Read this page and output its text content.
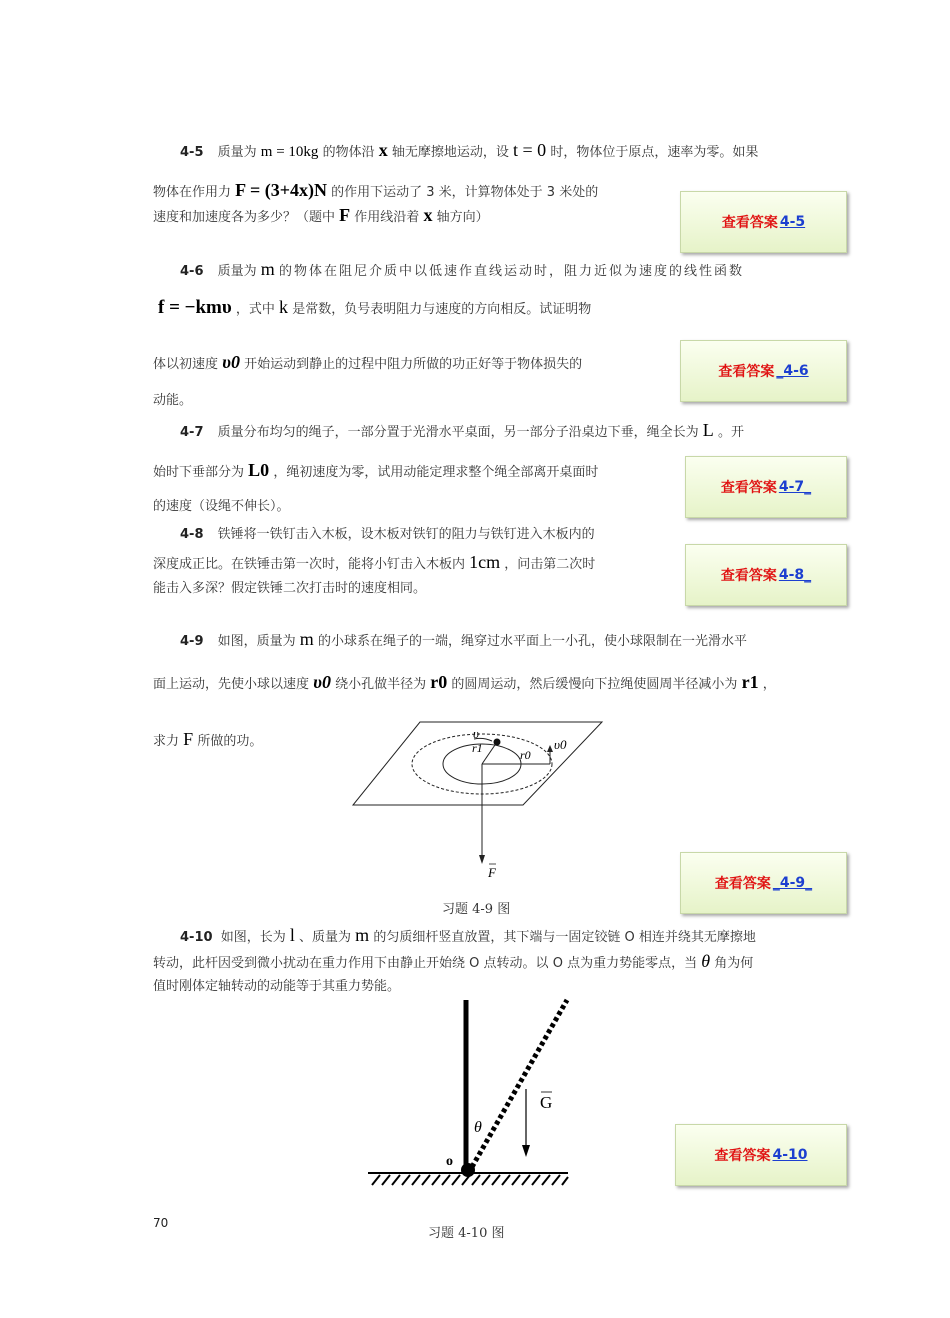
4-5 质量为 m = 10kg 的物体沿 x 轴无摩擦地运动，设 t = 0 时，物体位于原点，速率为零。如果
物体在作用力 F = (3+4x)N 的作用下运动了 3 米，计算物体处于 3 米处的
速度和加速度各为多少？（题中 F 作用线沿着 x 轴方向）	查看答案 4-5
4-6 质量为 m 的物体在阻尼介质中以低速作直线运动时，阻力近似为速度的线性函数
f = −kmυ ，式中 k 是常数，负号表明阻力与速度的方向相反。试证明物
体以初速度 υ0 开始运动到静止的过程中阻力所做的功正好等于物体损失的
动能。
查看答案 _4-6
4-7 质量分布均匀的绳子，一部分置于光滑水平桌面，另一部分子沿桌边下垂，绳全长为 L 。开
始时下垂部分为 L0 ，绳初速度为零，试用动能定理求整个绳全部离开桌面时
的速度（设绳不伸长）。
查看答案 4-7_
4-8 铁锤将一铁钉击入木板，设木板对铁钉的阻力与铁钉进入木板内的
深度成正比。在铁锤击第一次时，能将小钉击入木板内 1cm ，问击第二次时
能击入多深？假定铁锤二次打击时的速度相同。
查看答案 4-8_
4-9 如图，质量为 m 的小球系在绳子的一端，绳穿过水平面上一小孔，使小球限制在一光滑水平
面上运动，先使小球以速度 υ0 绕小孔做半径为 r0 的圆周运动，然后缓慢向下拉绳使圆周半径减小为 r1 ，
求力 F 所做的功。
υ
r1	r0
υ0
F
习题 4-9 图
查看答案 _4-9_
4-10 如图，长为 l 、质量为 m 的匀质细杆竖直放置，其下端与一固定铰链 O 相连并绕其无摩擦地
转动，此杆因受到微小扰动在重力作用下由静止开始绕 O 点转动。以 O 点为重力势能零点，当 θ 角为何
值时刚体定轴转动的动能等于其重力势能。
G
θ
o
习题 4-10 图
查看答案 4-10
70
